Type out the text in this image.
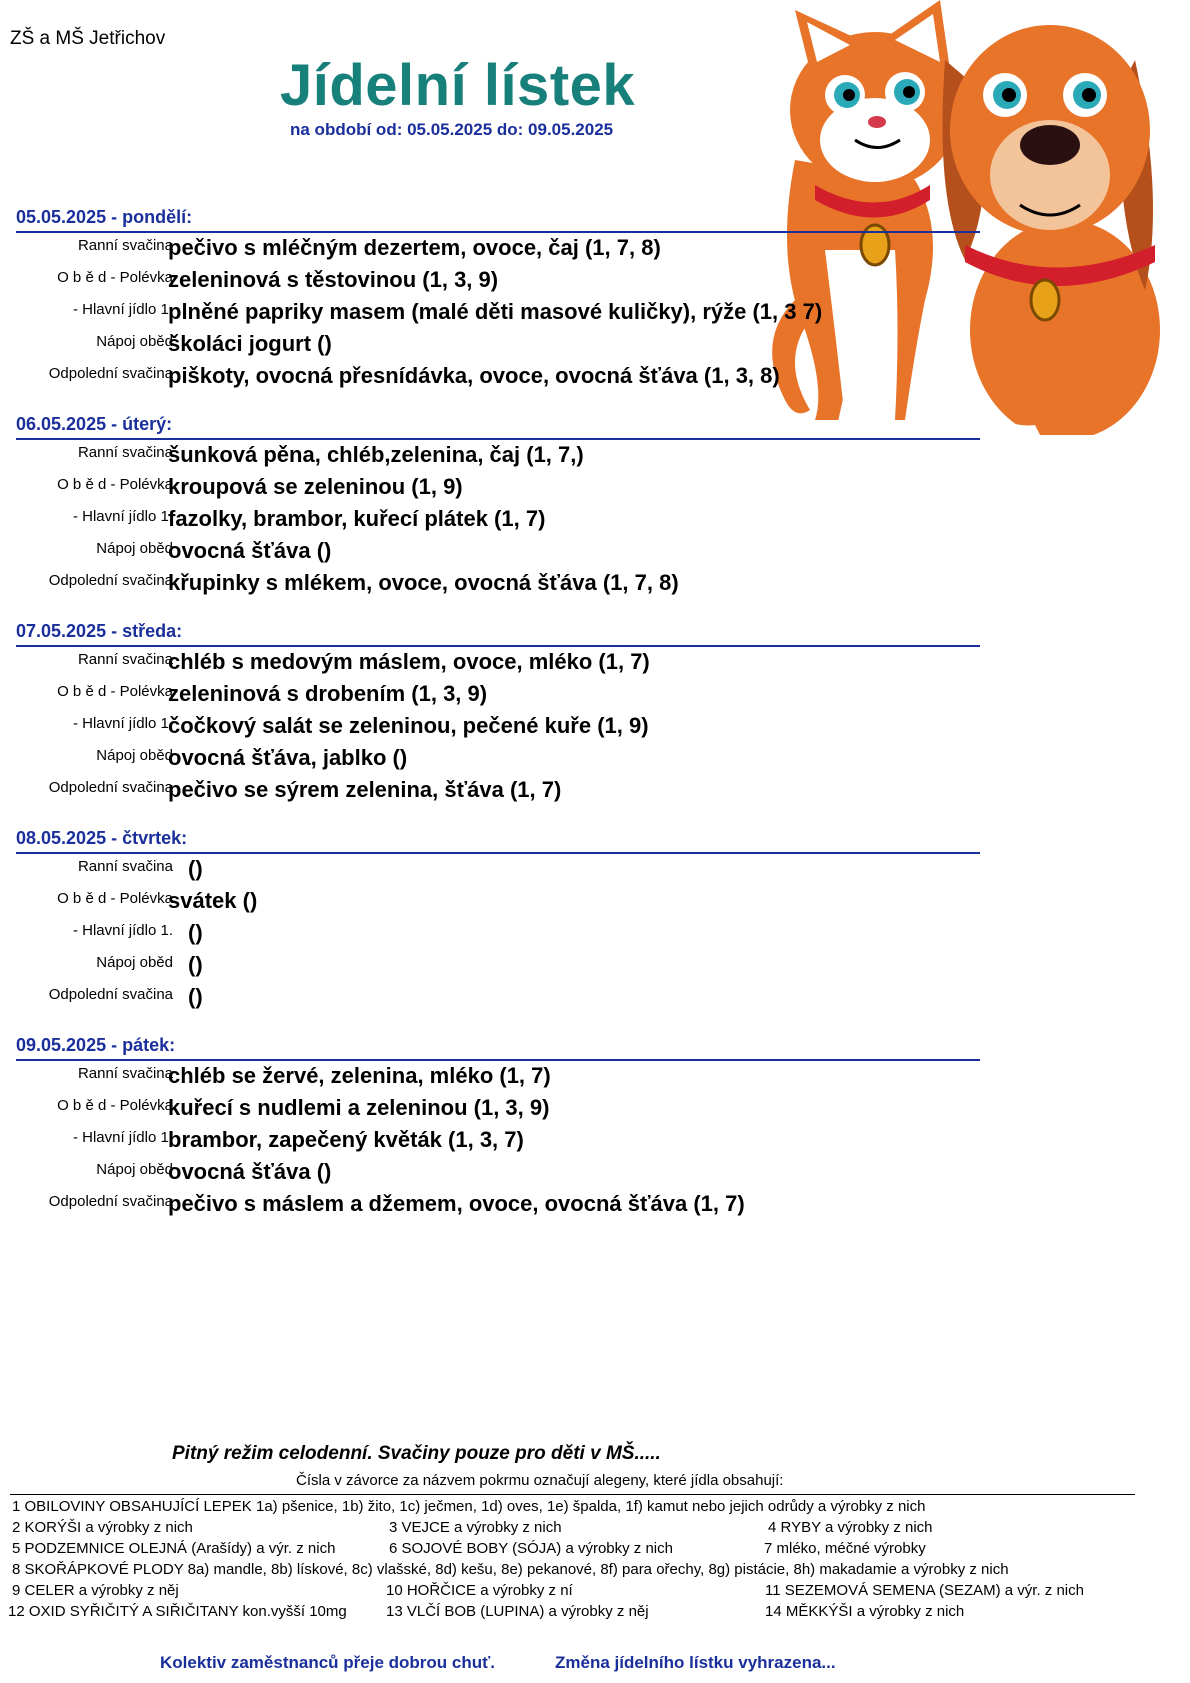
ZŠ a MŠ Jetřichov
Jídelní lístek
na období od: 05.05.2025 do: 09.05.2025
05.05.2025 - pondělí:
Ranní svačina
pečivo s mléčným dezertem, ovoce, čaj (1, 7, 8)
O b ě d - Polévka
zeleninová s těstovinou (1, 3, 9)
- Hlavní jídlo 1.
plněné papriky masem (malé děti masové kuličky), rýže (1, 3 7)
Nápoj oběd
školáci jogurt ()
Odpolední svačina
piškoty, ovocná přesnídávka, ovoce, ovocná šťáva (1, 3, 8)
06.05.2025 - úterý:
Ranní svačina
šunková pěna, chléb,zelenina, čaj (1, 7,)
O b ě d - Polévka
kroupová se zeleninou (1, 9)
- Hlavní jídlo 1.
fazolky, brambor, kuřecí plátek (1, 7)
Nápoj oběd
ovocná šťáva ()
Odpolední svačina
křupinky s mlékem, ovoce, ovocná šťáva (1, 7, 8)
07.05.2025 - středa:
Ranní svačina
chléb s medovým máslem, ovoce, mléko (1, 7)
O b ě d - Polévka
zeleninová s drobením (1, 3, 9)
- Hlavní jídlo 1.
čočkový salát se zeleninou, pečené kuře (1, 9)
Nápoj oběd
ovocná šťáva, jablko ()
Odpolední svačina
pečivo se sýrem zelenina, šťáva (1, 7)
08.05.2025 - čtvrtek:
Ranní svačina ()
O b ě d - Polévka
svátek ()
- Hlavní jídlo 1. ()
Nápoj oběd ()
Odpolední svačina ()
09.05.2025 - pátek:
Ranní svačina
chléb se žervé, zelenina, mléko (1, 7)
O b ě d - Polévka
kuřecí s nudlemi a zeleninou (1, 3, 9)
- Hlavní jídlo 1.
brambor, zapečený květák (1, 3, 7)
Nápoj oběd
ovocná šťáva ()
Odpolední svačina
pečivo s máslem a džemem, ovoce, ovocná šťáva (1, 7)
Pitný režim celodenní. Svačiny pouze pro děti v MŠ.....
Čísla v závorce za názvem pokrmu označují alegeny, které jídla obsahují:
1 OBILOVINY OBSAHUJÍCÍ LEPEK 1a) pšenice, 1b) žito, 1c) ječmen, 1d) oves, 1e) špalda, 1f) kamut nebo jejich odrůdy a výrobky z nich
2 KORÝŠI a výrobky z nich	3 VEJCE a výrobky z nich	4 RYBY a výrobky z nich
5 PODZEMNICE OLEJNÁ (Arašídy) a výr. z nich	6 SOJOVÉ BOBY (SÓJA) a výrobky z nich	7 mléko, méčné výrobky
8 SKOŘÁPKOVÉ PLODY 8a) mandle, 8b) lískové, 8c) vlašské, 8d) kešu, 8e) pekanové, 8f) para ořechy, 8g) pistácie, 8h) makadamie a výrobky z nich
9 CELER a výrobky z něj	10 HOŘČICE a výrobky z ní	11 SEZEMOVÁ SEMENA (SEZAM) a výr. z nich
12 OXID SYŘIČITÝ A SIŘIČITANY kon.vyšší 10mg	13 VLČÍ BOB (LUPINA) a výrobky z něj	14 MĚKKÝŠI a výrobky z nich
Kolektiv zaměstnanců přeje dobrou chuť.	Změna jídelního lístku vyhrazena...
